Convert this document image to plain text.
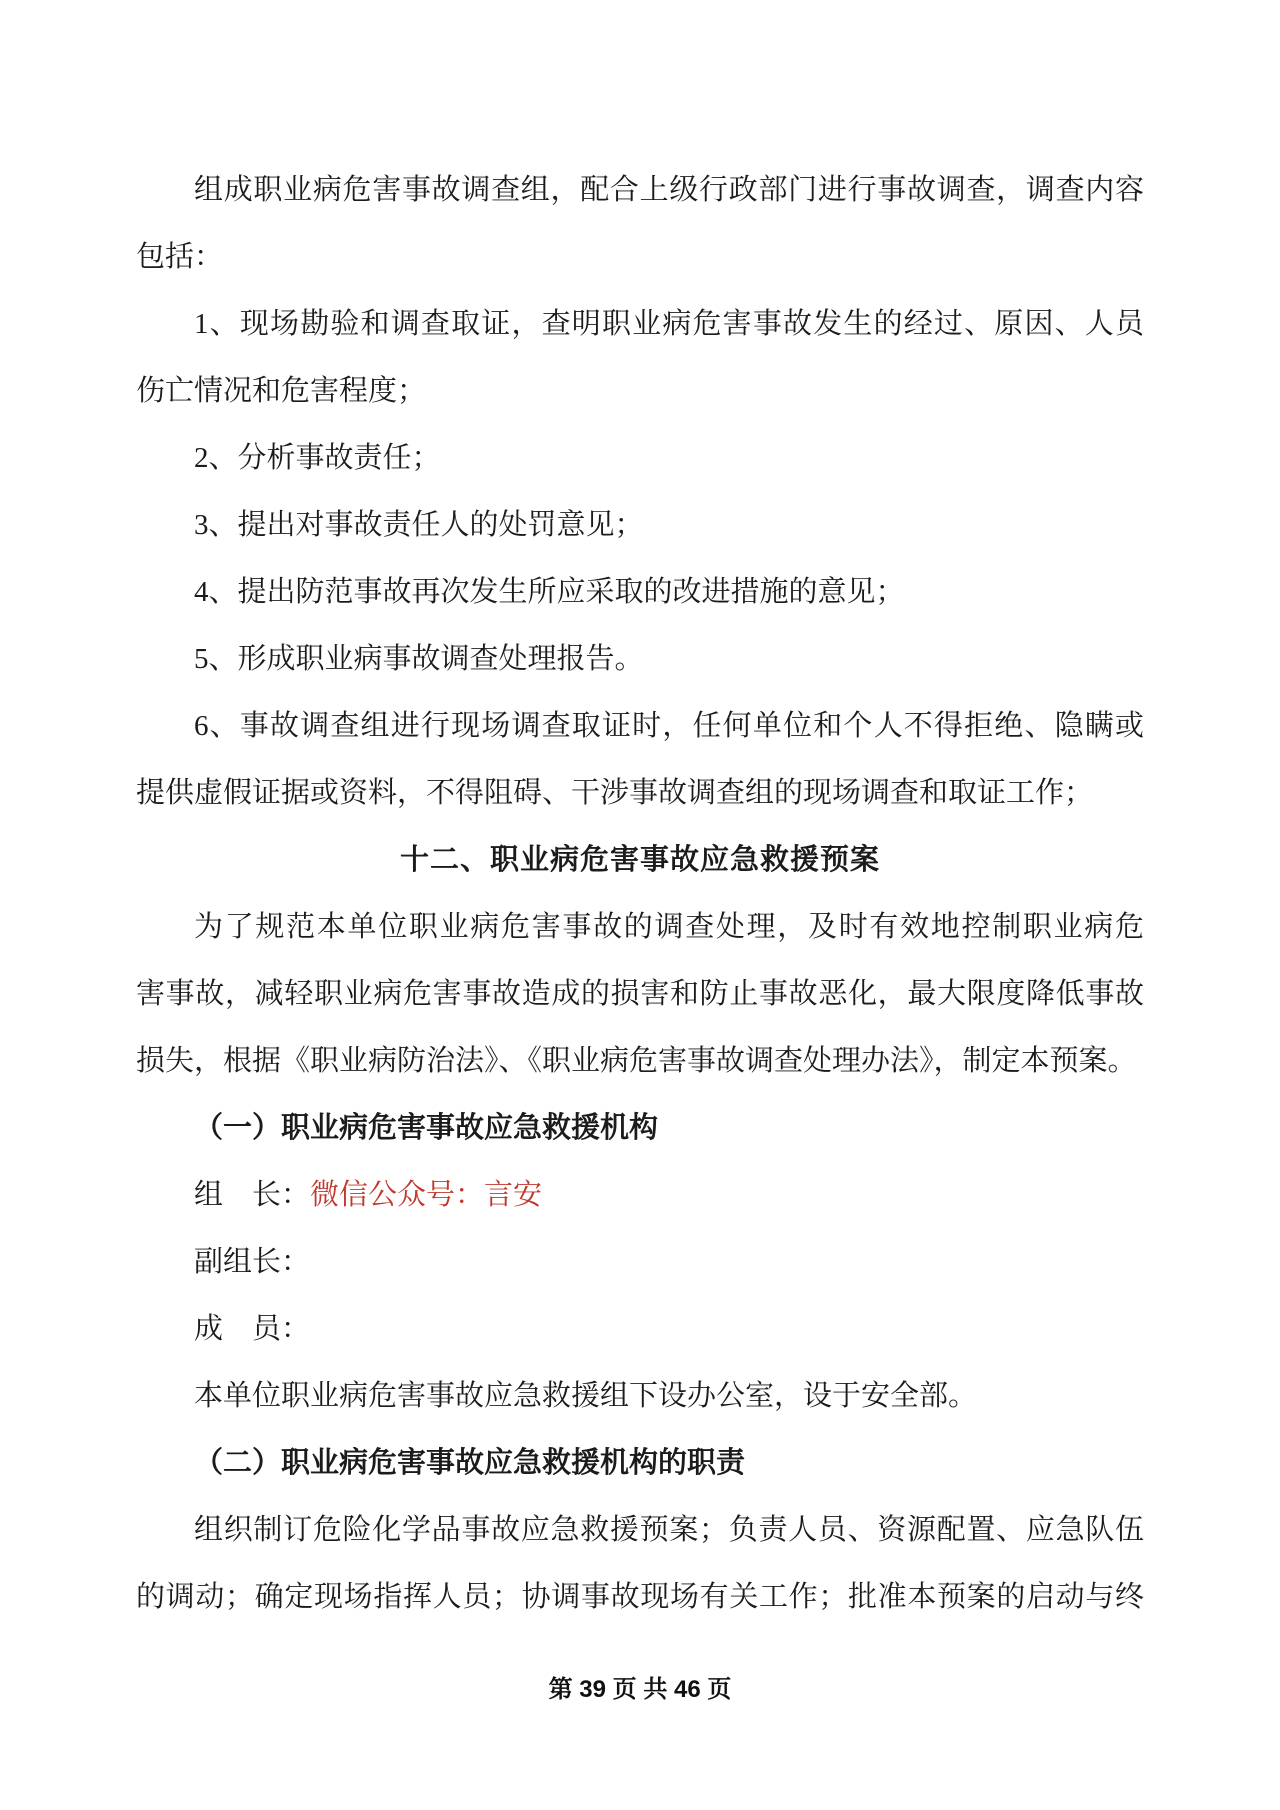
组成职业病危害事故调查组，配合上级行政部门进行事故调查，调查内容
包括：
1、现场勘验和调查取证，查明职业病危害事故发生的经过、原因、人员
伤亡情况和危害程度；
2、分析事故责任；
3、提出对事故责任人的处罚意见；
4、提出防范事故再次发生所应采取的改进措施的意见；
5、形成职业病事故调查处理报告。
6、事故调查组进行现场调查取证时，任何单位和个人不得拒绝、隐瞒或
提供虚假证据或资料，不得阻碍、干涉事故调查组的现场调查和取证工作；
十二、职业病危害事故应急救援预案
为了规范本单位职业病危害事故的调查处理，及时有效地控制职业病危
害事故，减轻职业病危害事故造成的损害和防止事故恶化，最大限度降低事故
损失，根据《职业病防治法》、《职业病危害事故调查处理办法》，制定本预案。
（一）职业病危害事故应急救援机构
组　长：微信公众号：言安
副组长：
成　员：
本单位职业病危害事故应急救援组下设办公室，设于安全部。
（二）职业病危害事故应急救援机构的职责
组织制订危险化学品事故应急救援预案；负责人员、资源配置、应急队伍
的调动；确定现场指挥人员；协调事故现场有关工作；批准本预案的启动与终
第 39 页 共 46 页
